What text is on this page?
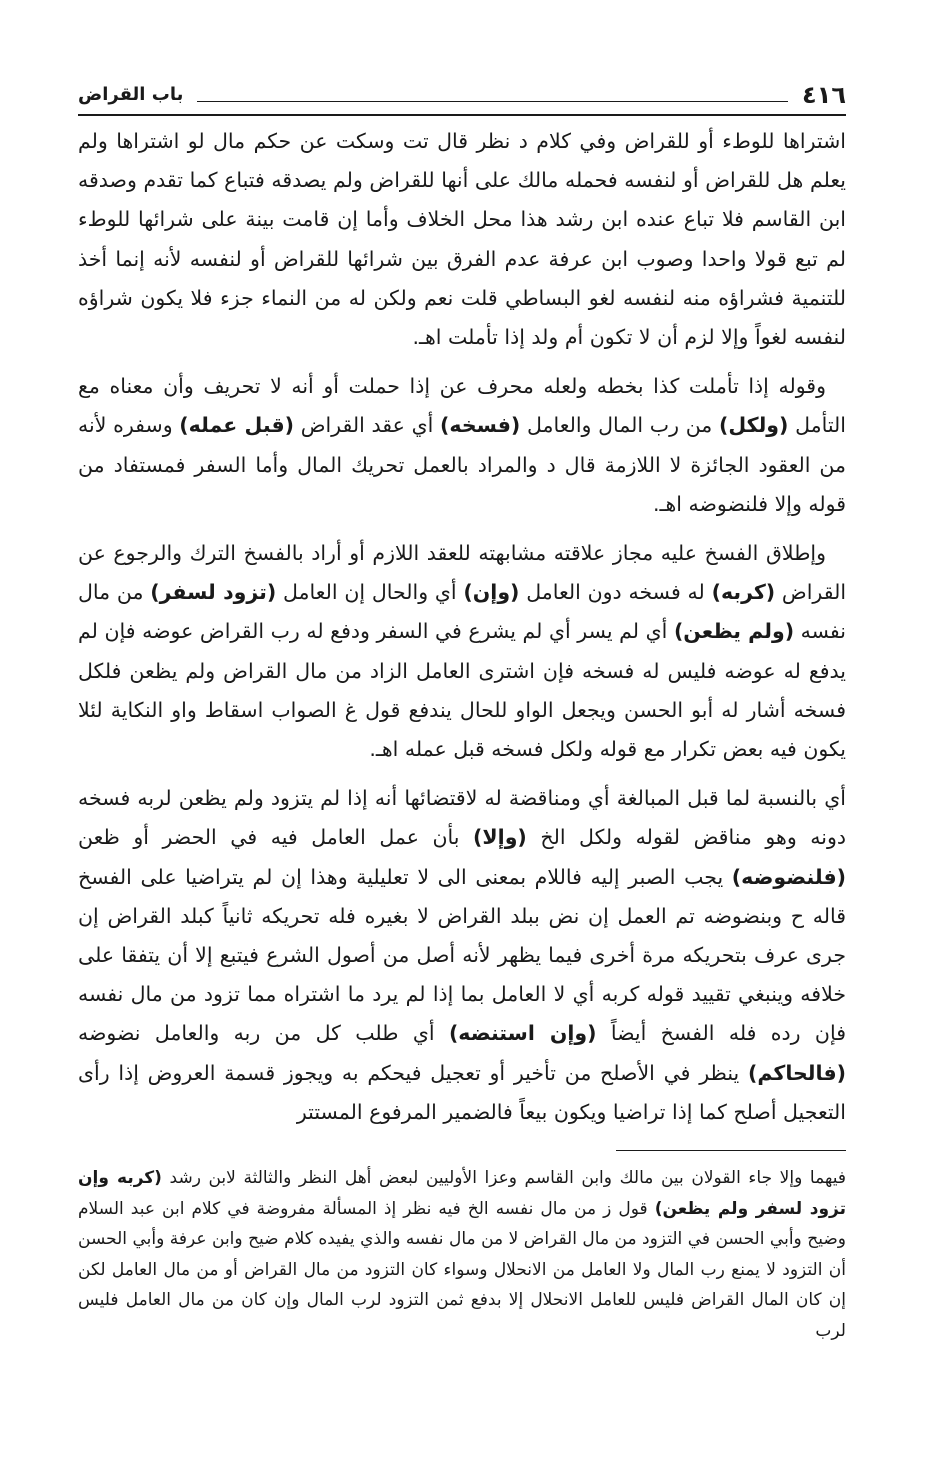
٤١٦
باب القراض

اشتراها للوطء أو للقراض وفي كلام د نظر قال تت وسكت عن حكم مال لو اشتراها ولم يعلم هل للقراض أو لنفسه فحمله مالك على أنها للقراض ولم يصدقه فتباع كما تقدم وصدقه ابن القاسم فلا تباع عنده ابن رشد هذا محل الخلاف وأما إن قامت بينة على شرائها للوطء لم تبع قولا واحدا وصوب ابن عرفة عدم الفرق بين شرائها للقراض أو لنفسه لأنه إنما أخذ للتنمية فشراؤه منه لنفسه لغو البساطي قلت نعم ولكن له من النماء جزء فلا يكون شراؤه لنفسه لغواً وإلا لزم أن لا تكون أم ولد إذا تأملت اهـ.

وقوله إذا تأملت كذا بخطه ولعله محرف عن إذا حملت أو أنه لا تحريف وأن معناه مع التأمل (ولكل) من رب المال والعامل (فسخه) أي عقد القراض (قبل عمله) وسفره لأنه من العقود الجائزة لا اللازمة قال د والمراد بالعمل تحريك المال وأما السفر فمستفاد من قوله وإلا فلنضوضه اهـ.

وإطلاق الفسخ عليه مجاز علاقته مشابهته للعقد اللازم أو أراد بالفسخ الترك والرجوع عن القراض (كربه) له فسخه دون العامل (وإن) أي والحال إن العامل (تزود لسفر) من مال نفسه (ولم يظعن) أي لم يسر أي لم يشرع في السفر ودفع له رب القراض عوضه فإن لم يدفع له عوضه فليس له فسخه فإن اشترى العامل الزاد من مال القراض ولم يظعن فلكل فسخه أشار له أبو الحسن ويجعل الواو للحال يندفع قول غ الصواب اسقاط واو النكاية لئلا يكون فيه بعض تكرار مع قوله ولكل فسخه قبل عمله اهـ.

أي بالنسبة لما قبل المبالغة أي ومناقضة له لاقتضائها أنه إذا لم يتزود ولم يظعن لربه فسخه دونه وهو مناقض لقوله ولكل الخ (وإلا) بأن عمل العامل فيه في الحضر أو ظعن (فلنضوضه) يجب الصبر إليه فاللام بمعنى الى لا تعليلية وهذا إن لم يتراضيا على الفسخ قاله ح وبنضوضه تم العمل إن نض ببلد القراض لا بغيره فله تحريكه ثانياً كبلد القراض إن جرى عرف بتحريكه مرة أخرى فيما يظهر لأنه أصل من أصول الشرع فيتبع إلا أن يتفقا على خلافه وينبغي تقييد قوله كربه أي لا العامل بما إذا لم يرد ما اشتراه مما تزود من مال نفسه فإن رده فله الفسخ أيضاً (وإن استنضه) أي طلب كل من ربه والعامل نضوضه (فالحاكم) ينظر في الأصلح من تأخير أو تعجيل فيحكم به ويجوز قسمة العروض إذا رأى التعجيل أصلح كما إذا تراضيا ويكون بيعاً فالضمير المرفوع المستتر

فيهما وإلا جاء القولان بين مالك وابن القاسم وعزا الأوليين لبعض أهل النظر والثالثة لابن رشد (كربه وإن تزود لسفر ولم يظعن) قول ز من مال نفسه الخ فيه نظر إذ المسألة مفروضة في كلام ابن عبد السلام وضيح وأبي الحسن في التزود من مال القراض لا من مال نفسه والذي يفيده كلام ضيح وابن عرفة وأبي الحسن أن التزود لا يمنع رب المال ولا العامل من الانحلال وسواء كان التزود من مال القراض أو من مال العامل لكن إن كان المال القراض فليس للعامل الانحلال إلا بدفع ثمن التزود لرب المال وإن كان من مال العامل فليس لرب
